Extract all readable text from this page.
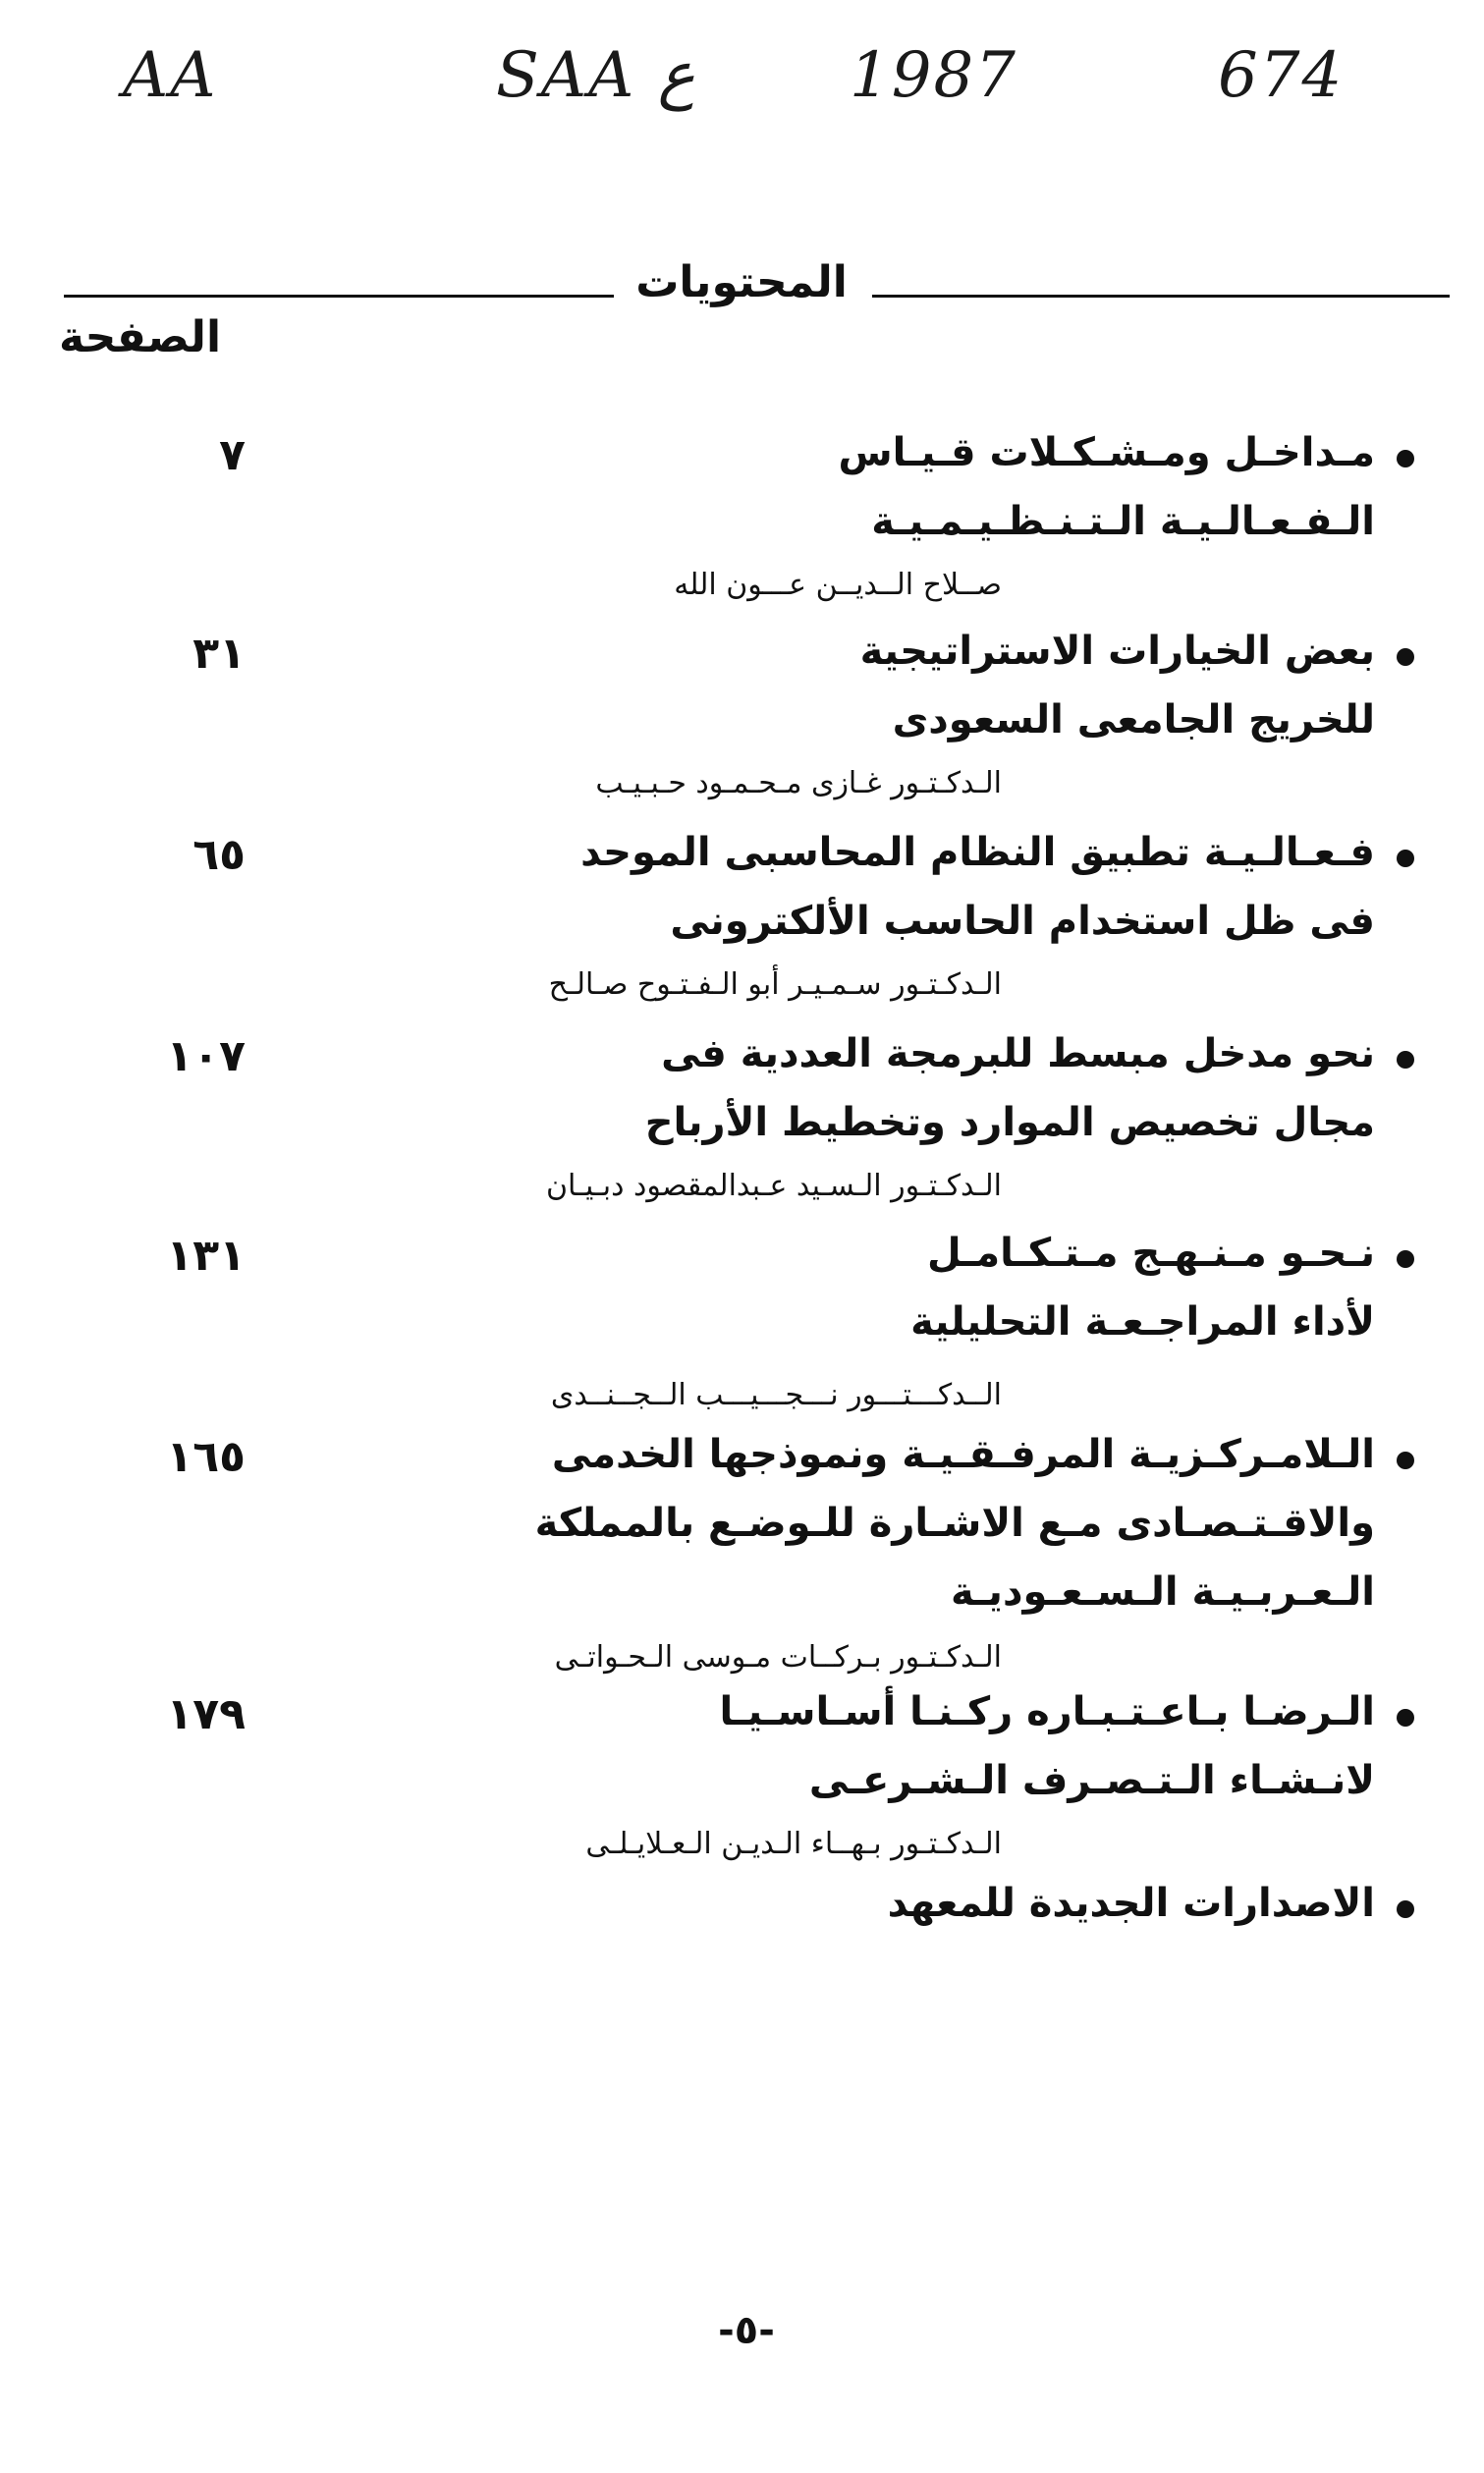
AA	SAA ع 1987	674
المحتويات
الصفحة
٧	مـداخـل ومـشـكـلات قـيـاس
الـفـعـالـيـة الـتـنـظـيـمـيـة
صــلاح الــديــن عـــون الله
٣١	بعض الخيارات الاستراتيجية
للخريج الجامعى السعودى
الـدكـتـور غـازى مـحـمـود حـبـيـب
٦٥	فـعـالـيـة تطبيق النظام المحاسبى الموحد
فى ظل استخدام الحاسب الألكترونى
الـدكـتـور سـمـيـر أبو الـفـتـوح صـالـح
١٠٧	نحو مدخل مبسط للبرمجة العددية فى
مجال تخصيص الموارد وتخطيط الأرباح
الـدكـتـور الـسـيد عـبدالمقصود دبـيـان
١٣١	نـحـو مـنـهـج مـتـكـامـل
لأداء المراجـعـة التحليلية
الــدكـــتـــور نـــجـــيـــب الــجــنــدى
١٦٥	الـلامـركـزيـة المرفـقـيـة ونموذجها الخدمى
والاقـتـصـادى مـع الاشـارة للـوضـع بالمملكة
الـعـربـيـة الـسـعـوديـة
الـدكـتـور بـركــات مـوسى الـحـواتـى
١٧٩	الـرضـا بـاعـتـبـاره ركـنـا أسـاسـيـا
لانـشـاء الـتـصـرف الـشـرعـى
الـدكـتـور بـهــاء الـديـن الـعـلايـلـى
الاصدارات الجديدة للمعهد
-٥-
